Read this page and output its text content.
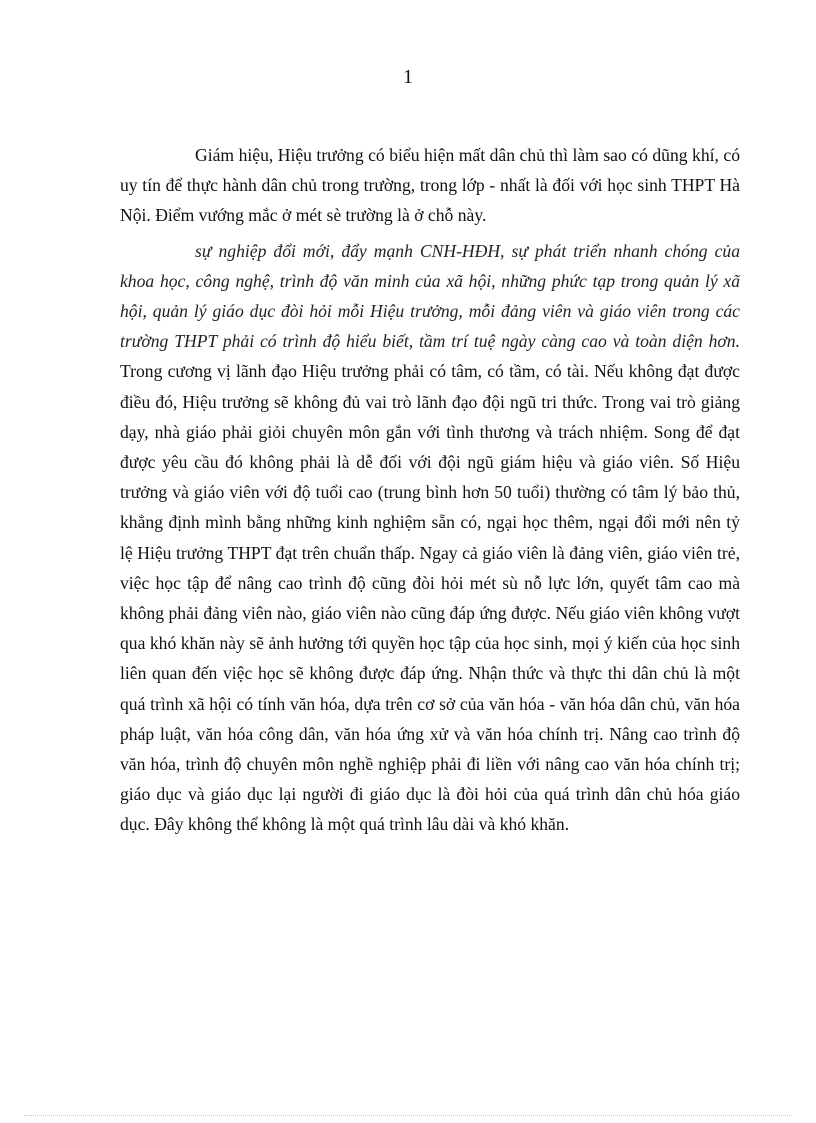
1

Giám hiệu, Hiệu trưởng có biểu hiện mất dân chủ thì làm sao có dũng khí, có uy tín để thực hành dân chủ trong trường, trong lớp - nhất là đối với học sinh THPT Hà Nội. Điểm vướng mắc ở mét sè trường là ở chỗ này.

sự nghiệp đổi mới, đẩy mạnh CNH-HĐH, sự phát triển nhanh chóng của khoa học, công nghệ, trình độ văn minh của xã hội, những phức tạp trong quản lý xã hội, quản lý giáo dục đòi hỏi mỗi Hiệu trưởng, mỗi đảng viên và giáo viên trong các trường THPT phải có trình độ hiểu biết, tầm trí tuệ ngày càng cao và toàn diện hơn. Trong cương vị lãnh đạo Hiệu trưởng phải có tâm, có tầm, có tài. Nếu không đạt được điều đó, Hiệu trưởng sẽ không đủ vai trò lãnh đạo đội ngũ tri thức. Trong vai trò giảng dạy, nhà giáo phải giỏi chuyên môn gắn với tình thương và trách nhiệm. Song để đạt được yêu cầu đó không phải là dễ đối với đội ngũ giám hiệu và giáo viên. Số Hiệu trưởng và giáo viên với độ tuổi cao (trung bình hơn 50 tuổi) thường có tâm lý bảo thủ, khẳng định mình bằng những kinh nghiệm sẵn có, ngại học thêm, ngại đổi mới nên tỷ lệ Hiệu trưởng THPT đạt trên chuẩn thấp. Ngay cả giáo viên là đảng viên, giáo viên trẻ, việc học tập để nâng cao trình độ cũng đòi hỏi mét sù nỗ lực lớn, quyết tâm cao mà không phải đảng viên nào, giáo viên nào cũng đáp ứng được. Nếu giáo viên không vượt qua khó khăn này sẽ ảnh hưởng tới quyền học tập của học sinh, mọi ý kiến của học sinh liên quan đến việc học sẽ không được đáp ứng. Nhận thức và thực thi dân chủ là một quá trình xã hội có tính văn hóa, dựa trên cơ sở của văn hóa - văn hóa dân chủ, văn hóa pháp luật, văn hóa công dân, văn hóa ứng xử và văn hóa chính trị. Nâng cao trình độ văn hóa, trình độ chuyên môn nghề nghiệp phải đi liền với nâng cao văn hóa chính trị; giáo dục và giáo dục lại người đi giáo dục là đòi hỏi của quá trình dân chủ hóa giáo dục. Đây không thể không là một quá trình lâu dài và khó khăn.
